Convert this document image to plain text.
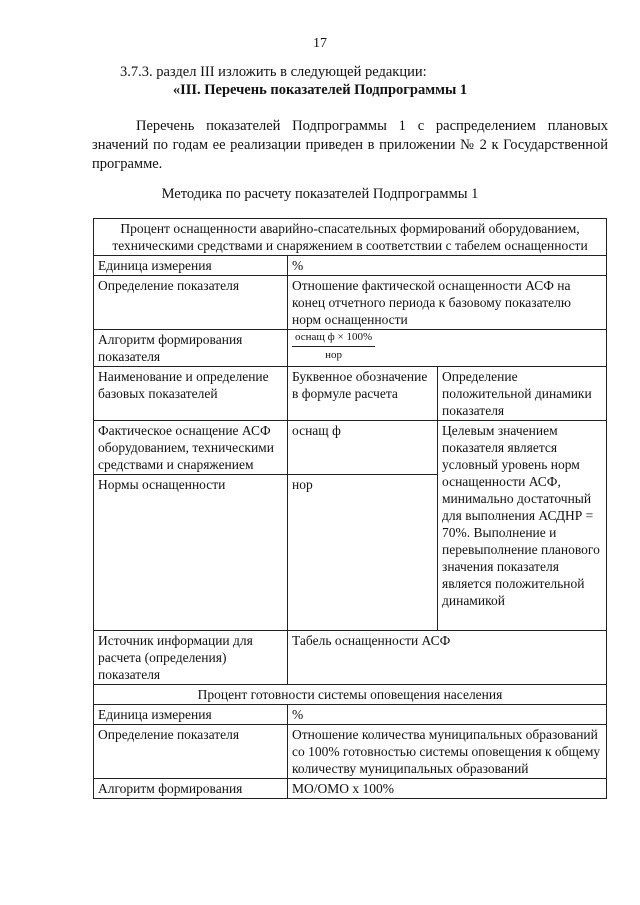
17
3.7.3. раздел III изложить в следующей редакции:
«III. Перечень показателей Подпрограммы 1
Перечень показателей Подпрограммы 1 с распределением плановых значений по годам ее реализации приведен в приложении № 2 к Государственной программе.
Методика по расчету показателей Подпрограммы 1
Процент оснащенности аварийно-спасательных формирований оборудованием, техническими средствами и снаряжением в соответствии с табелем оснащенности		
Единица измерения	%	
Определение показателя	Отношение фактической оснащенности АСФ на конец отчетного периода к базовому показателю норм оснащенности	
Алгоритм формирования показателя	$\frac{\text{оснащ ф × 100\%}}{\text{нор}}$

Наименование и определение базовых показателей	Буквенное обозначение в формуле расчета	Определение положительной динамики показателя
Фактическое оснащение АСФ оборудованием, техническими средствами и снаряжением	оснащ ф	Целевым значением показателя является условный уровень норм оснащенности АСФ, минимально достаточный для выполнения АСДНР = 70%. Выполнение и перевыполнение планового значения показателя является положительной динамикой
Нормы оснащенности	нор	
Источник информации для расчета (определения) показателя	Табель оснащенности АСФ	
Процент готовности системы оповещения населения		
Единица измерения	%	
Определение показателя	Отношение количества муниципальных образований со 100% готовностью системы оповещения к общему количеству муниципальных образований	
Алгоритм формирования	МО/ОМО x 100%	
